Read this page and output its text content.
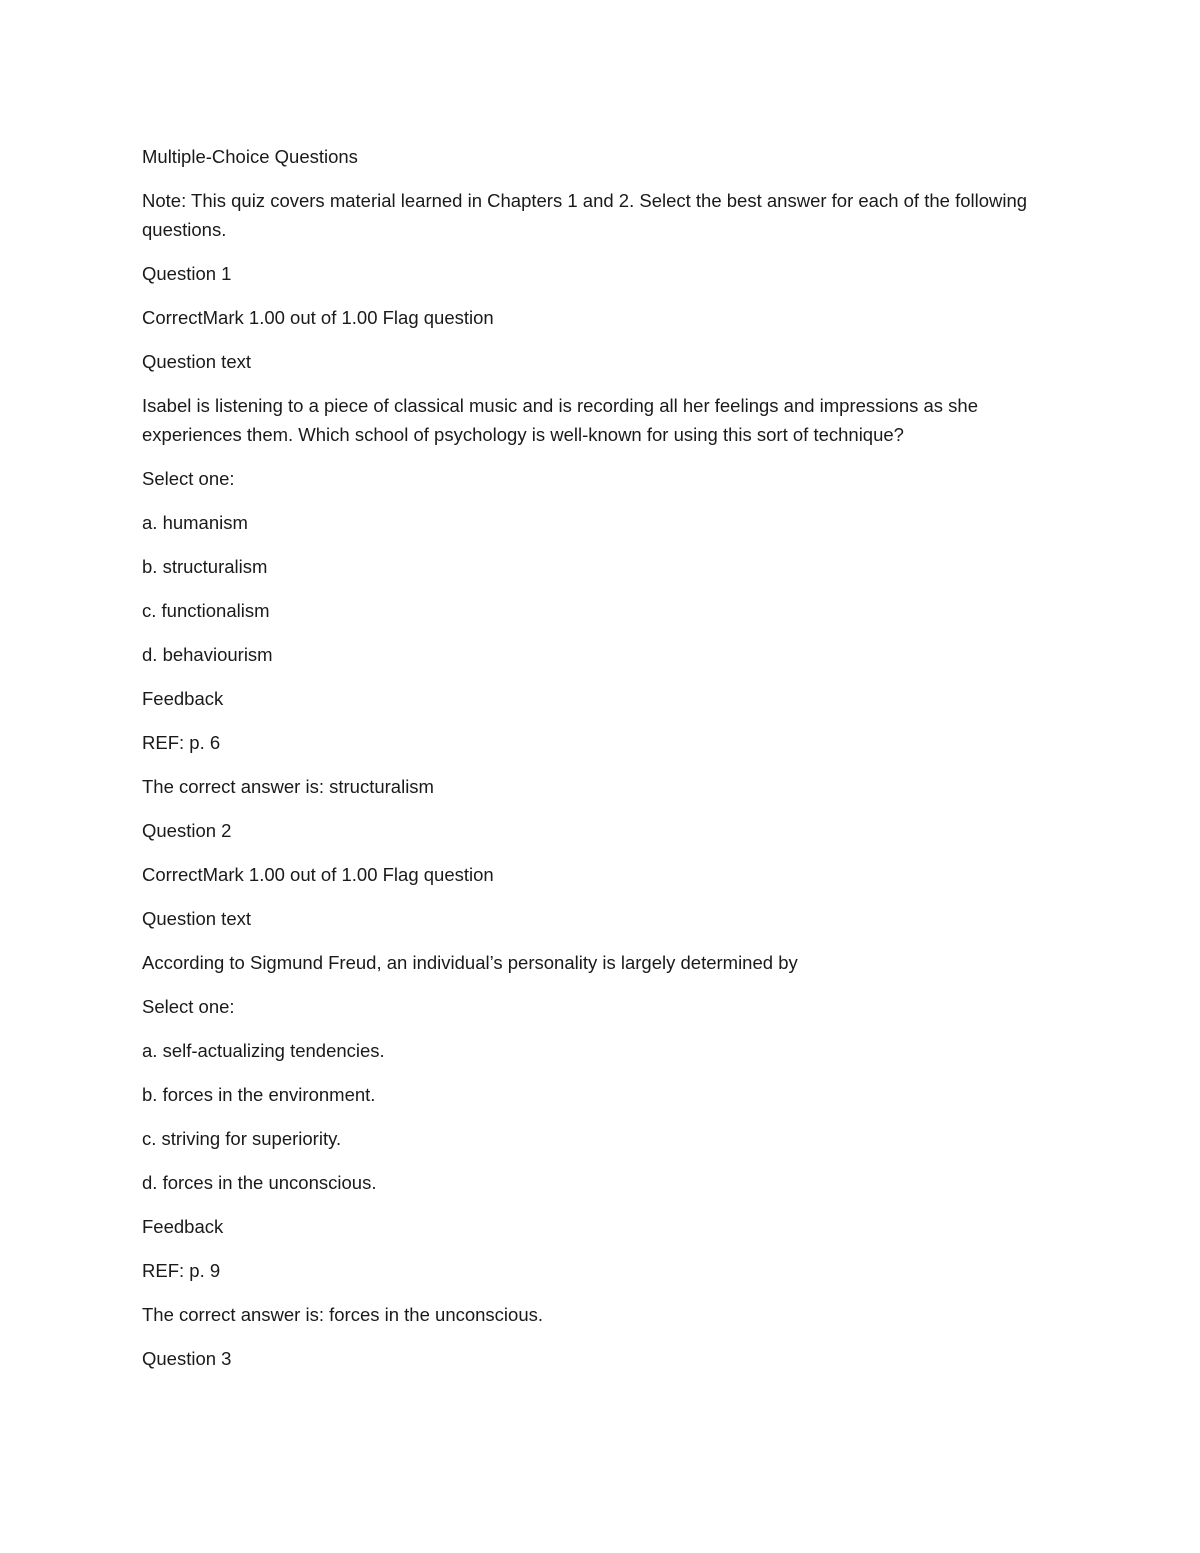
Multiple-Choice Questions

Note: This quiz covers material learned in Chapters 1 and 2. Select the best answer for each of the following questions.

Question 1

CorrectMark 1.00 out of 1.00 Flag question

Question text

Isabel is listening to a piece of classical music and is recording all her feelings and impressions as she experiences them. Which school of psychology is well-known for using this sort of technique?

Select one:

a. humanism

b. structuralism

c. functionalism

d. behaviourism

Feedback

REF: p. 6

The correct answer is: structuralism

Question 2

CorrectMark 1.00 out of 1.00 Flag question

Question text

According to Sigmund Freud, an individual’s personality is largely determined by

Select one:

a. self-actualizing tendencies.

b. forces in the environment.

c. striving for superiority.

d. forces in the unconscious.

Feedback

REF: p. 9

The correct answer is: forces in the unconscious.

Question 3
